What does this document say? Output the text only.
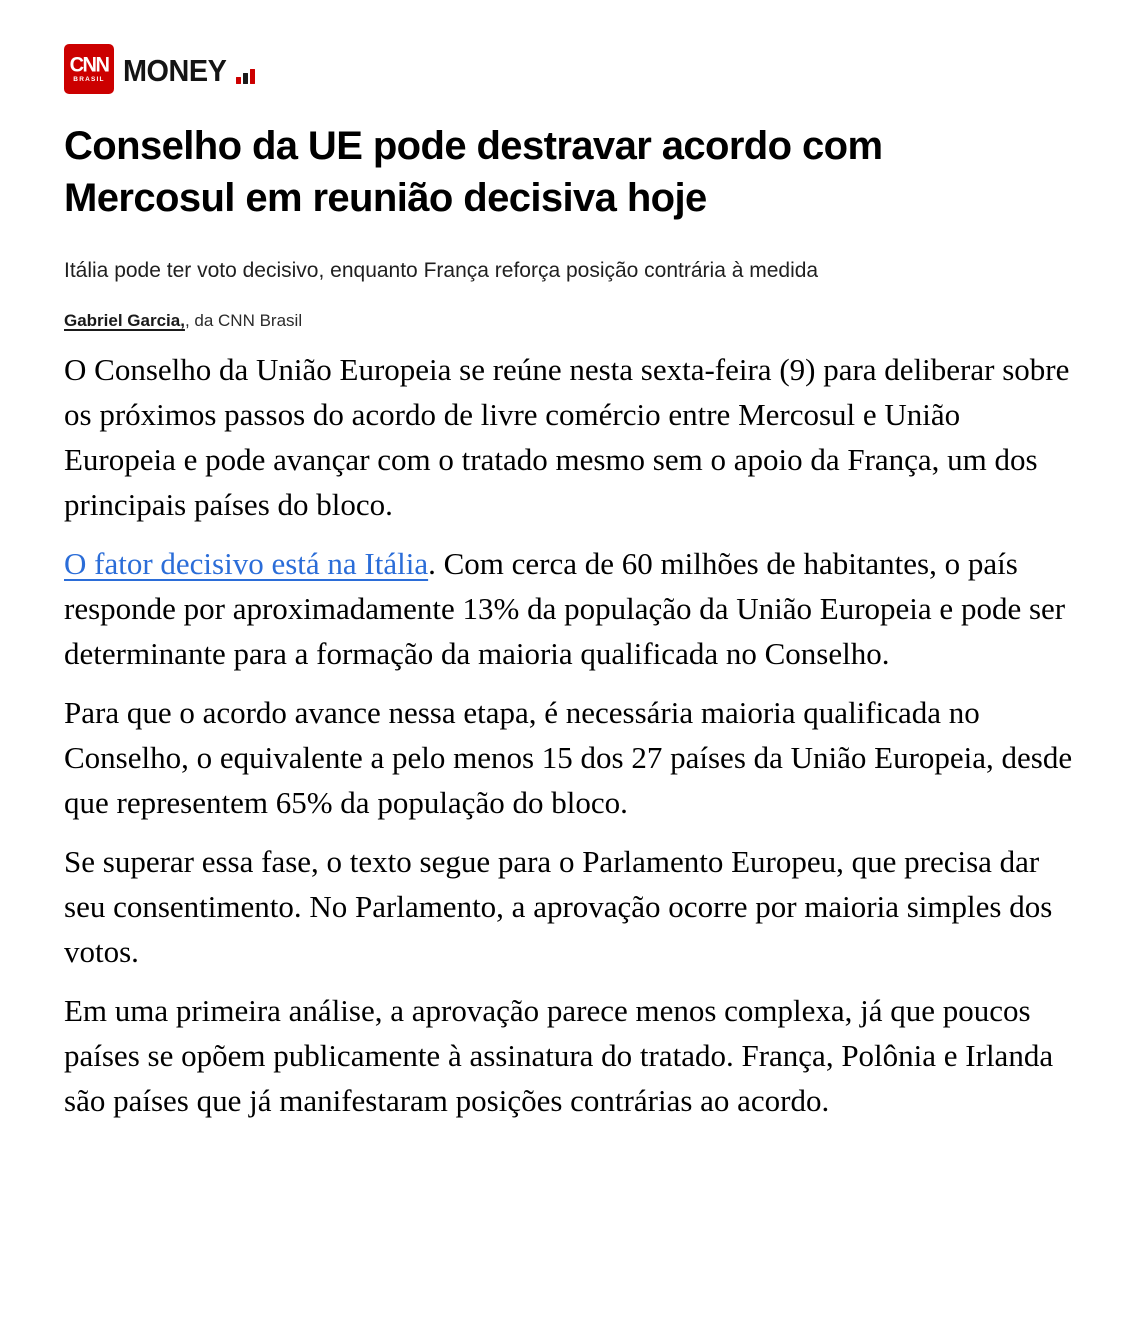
CNN
BRASIL MONEY
Conselho da UE pode destravar acordo com Mercosul em reunião decisiva hoje

Itália pode ter voto decisivo, enquanto França reforça posição contrária à medida

Gabriel Garcia,, da CNN Brasil

O Conselho da União Europeia se reúne nesta sexta-feira (9) para deliberar sobre os próximos passos do acordo de livre comércio entre Mercosul e União Europeia e pode avançar com o tratado mesmo sem o apoio da França, um dos principais países do bloco.

O fator decisivo está na Itália. Com cerca de 60 milhões de habitantes, o país responde por aproximadamente 13% da população da União Europeia e pode ser determinante para a formação da maioria qualificada no Conselho.

Para que o acordo avance nessa etapa, é necessária maioria qualificada no Conselho, o equivalente a pelo menos 15 dos 27 países da União Europeia, desde que representem 65% da população do bloco.

Se superar essa fase, o texto segue para o Parlamento Europeu, que precisa dar seu consentimento. No Parlamento, a aprovação ocorre por maioria simples dos votos.

Em uma primeira análise, a aprovação parece menos complexa, já que poucos países se opõem publicamente à assinatura do tratado. França, Polônia e Irlanda são países que já manifestaram posições contrárias ao acordo.
